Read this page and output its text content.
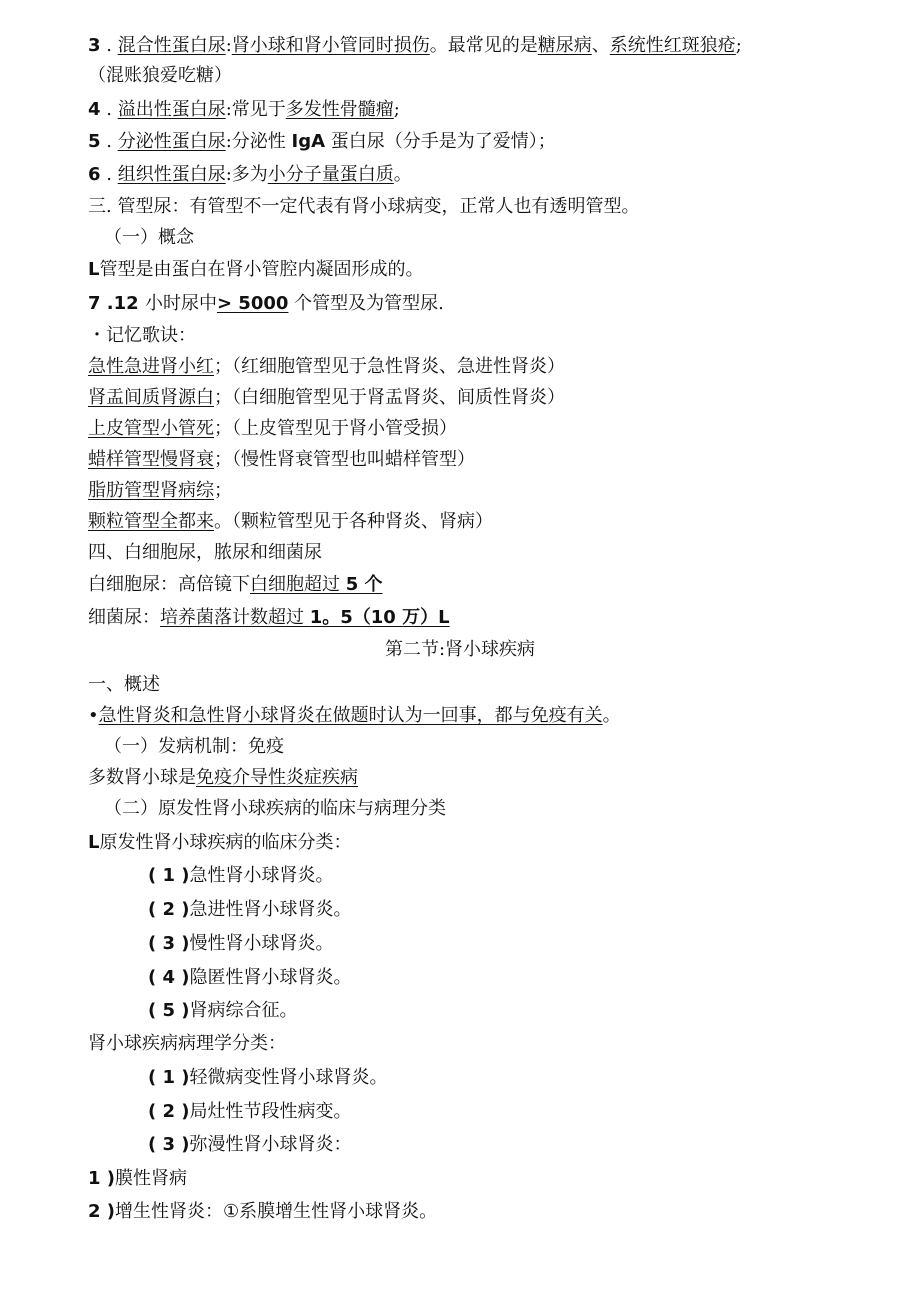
3 . 混合性蛋白尿:肾小球和肾小管同时损伤。最常见的是糖尿病、系统性红斑狼疮;
（混账狼爱吃糖）
4 . 溢出性蛋白尿:常见于多发性骨髓瘤;
5 . 分泌性蛋白尿:分泌性 IgA 蛋白尿（分手是为了爱情）；
6 . 组织性蛋白尿:多为小分子量蛋白质。
三. 管型尿：有管型不一定代表有肾小球病变，正常人也有透明管型。
（一）概念
L管型是由蛋白在肾小管腔内凝固形成的。
7 .12 小时尿中> 5000 个管型及为管型尿.
・记忆歌诀：
急性急进肾小红；（红细胞管型见于急性肾炎、急进性肾炎）
肾盂间质肾源白；（白细胞管型见于肾盂肾炎、间质性肾炎）
上皮管型小管死；（上皮管型见于肾小管受损）
蜡样管型慢肾衰；（慢性肾衰管型也叫蜡样管型）
脂肪管型肾病综；
颗粒管型全都来。（颗粒管型见于各种肾炎、肾病）
四、白细胞尿，脓尿和细菌尿
白细胞尿：高倍镜下白细胞超过 5 个
细菌尿：培养菌落计数超过 1。5（10 万）L
第二节:肾小球疾病
一、概述
•急性肾炎和急性肾小球肾炎在做题时认为一回事，都与免疫有关。
（一）发病机制：免疫
多数肾小球是免疫介导性炎症疾病
（二）原发性肾小球疾病的临床与病理分类
L原发性肾小球疾病的临床分类：
( 1 )急性肾小球肾炎。
( 2 )急进性肾小球肾炎。
( 3 )慢性肾小球肾炎。
( 4 )隐匿性肾小球肾炎。
( 5 )肾病综合征。
肾小球疾病病理学分类：
( 1 )轻微病变性肾小球肾炎。
( 2 )局灶性节段性病变。
( 3 )弥漫性肾小球肾炎：
1 )膜性肾病
2 )增生性肾炎：①系膜增生性肾小球肾炎。
